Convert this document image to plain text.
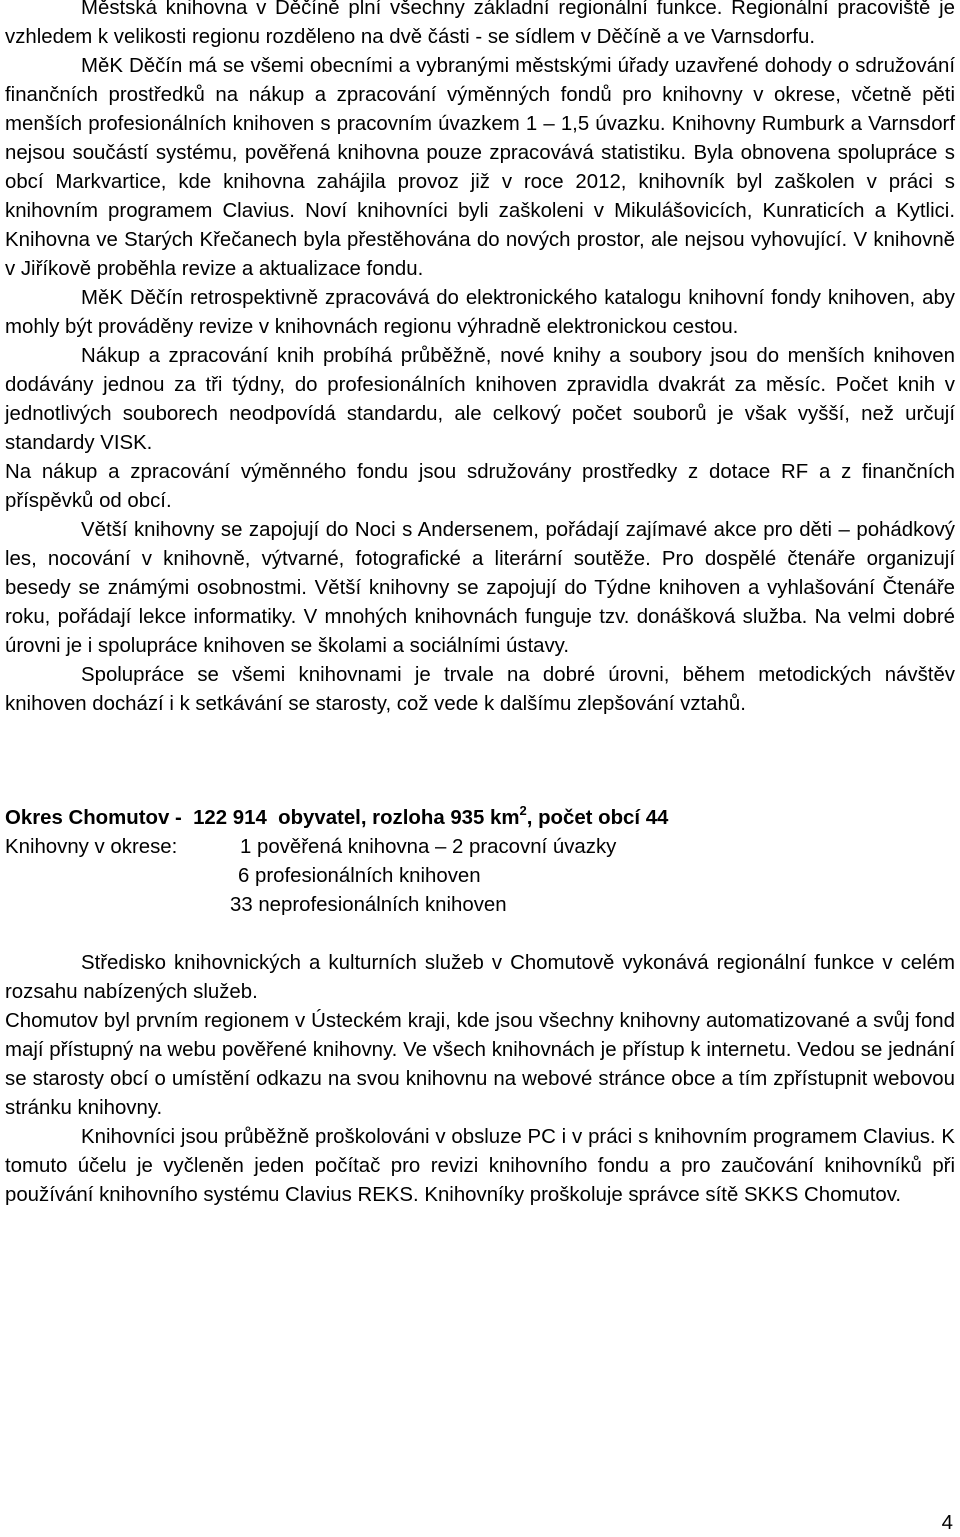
Městská knihovna v Děčíně plní všechny základní regionální funkce. Regionální pracoviště je vzhledem k velikosti regionu rozděleno na dvě části - se sídlem v Děčíně a ve Varnsdorfu.

MěK Děčín má se všemi obecními a vybranými městskými úřady uzavřené dohody o sdružování finančních prostředků na nákup a zpracování výměnných fondů pro knihovny v okrese, včetně pěti menších profesionálních knihoven s pracovním úvazkem 1 – 1,5 úvazku. Knihovny Rumburk a Varnsdorf nejsou součástí systému, pověřená knihovna pouze zpracovává statistiku. Byla obnovena spolupráce s obcí Markvartice, kde knihovna zahájila provoz již v roce 2012, knihovník byl zaškolen v práci s knihovním programem Clavius. Noví knihovníci byli zaškoleni v Mikulášovicích, Kunraticích a Kytlici. Knihovna ve Starých Křečanech byla přestěhována do nových prostor, ale nejsou vyhovující. V knihovně v Jiříkově proběhla revize a aktualizace fondu.

MěK Děčín retrospektivně zpracovává do elektronického katalogu knihovní fondy knihoven, aby mohly být prováděny revize v knihovnách regionu výhradně elektronickou cestou.

Nákup a zpracování knih probíhá průběžně, nové knihy a soubory jsou do menších knihoven dodávány jednou za tři týdny, do profesionálních knihoven zpravidla dvakrát za měsíc. Počet knih v jednotlivých souborech neodpovídá standardu, ale celkový počet souborů je však vyšší, než určují standardy VISK.

Na nákup a zpracování výměnného fondu jsou sdružovány prostředky z dotace RF a z finančních příspěvků od obcí.

Větší knihovny se zapojují do Noci s Andersenem, pořádají zajímavé akce pro děti – pohádkový les, nocování v knihovně, výtvarné, fotografické a literární soutěže. Pro dospělé čtenáře organizují besedy se známými osobnostmi. Větší knihovny se zapojují do Týdne knihoven a vyhlašování Čtenáře roku, pořádají lekce informatiky. V mnohých knihovnách funguje tzv. donášková služba. Na velmi dobré úrovni je i spolupráce knihoven se školami a sociálními ústavy.

Spolupráce se všemi knihovnami je trvale na dobré úrovni, během metodických návštěv knihoven dochází i k setkávání se starosty, což vede k dalšímu zlepšování vztahů.

Okres Chomutov -  122 914  obyvatel, rozloha 935 $km^2$, počet obcí 44

Knihovny v okrese:	1 pověřená knihovna – 2 pracovní úvazky
6 profesionálních knihoven
33 neprofesionálních knihoven

Středisko knihovnických a kulturních služeb v Chomutově vykonává regionální funkce v celém rozsahu nabízených služeb.

Chomutov byl prvním regionem v Ústeckém kraji, kde jsou všechny knihovny automatizované a svůj fond mají přístupný na webu pověřené knihovny. Ve všech knihovnách je přístup k internetu. Vedou se jednání se starosty obcí o umístění odkazu na svou knihovnu na webové stránce obce a tím zpřístupnit webovou stránku knihovny.

Knihovníci jsou průběžně proškolováni v obsluze PC i v práci s knihovním programem Clavius. K tomuto účelu je vyčleněn jeden počítač pro revizi knihovního fondu a pro zaučování knihovníků při používání knihovního systému Clavius REKS. Knihovníky proškoluje správce sítě SKKS Chomutov.

4
